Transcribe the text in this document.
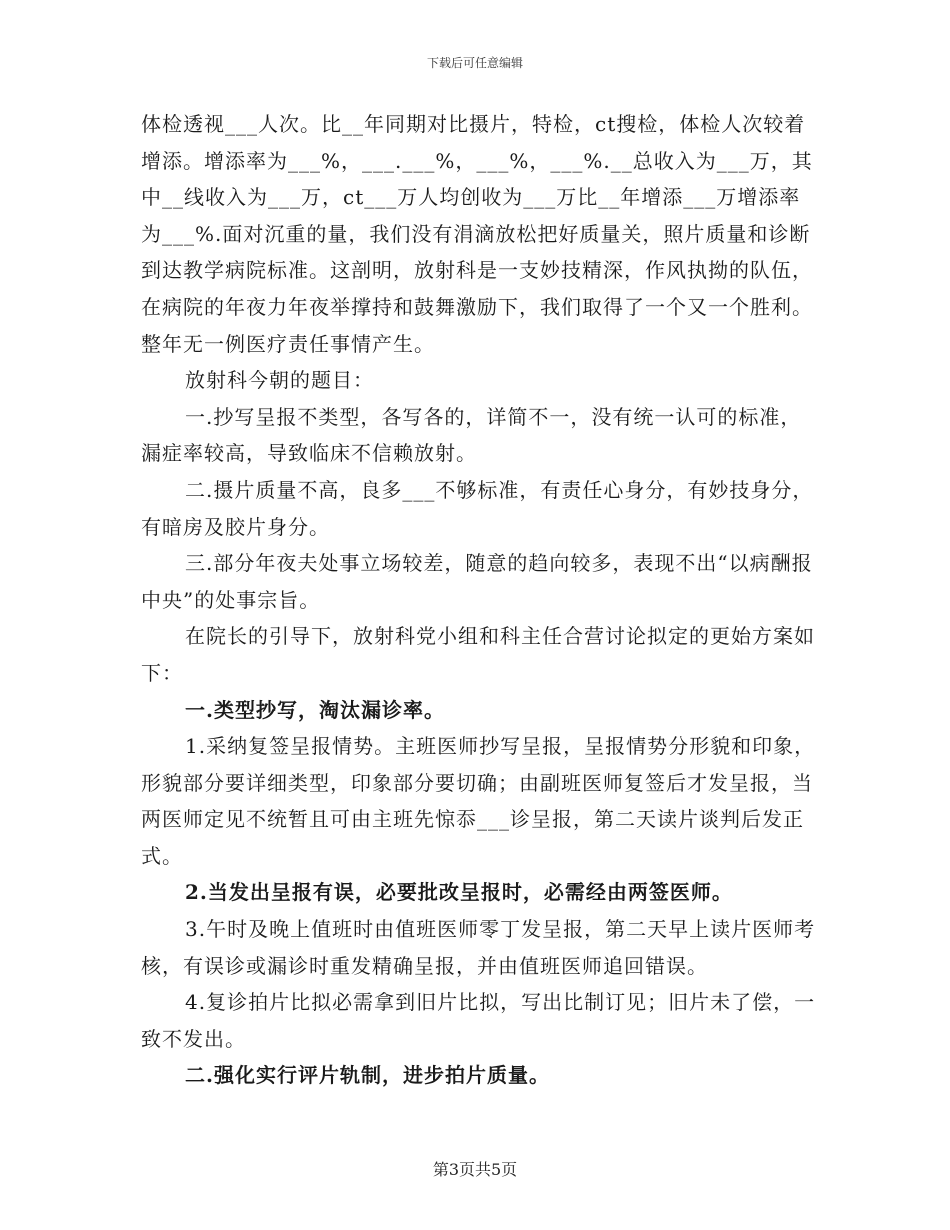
下载后可任意编辑

体检透视___人次。比__年同期对比摄片，特检，ct搜检，体检人次较着增添。增添率为___%，___.___%，___%，___%.__总收入为___万，其中__线收入为___万，ct___万人均创收为___万比__年增添___万增添率为___%.面对沉重的量，我们没有涓滴放松把好质量关，照片质量和诊断到达教学病院标准。这剖明，放射科是一支妙技精深，作风执拗的队伍，在病院的年夜力年夜举撑持和鼓舞激励下，我们取得了一个又一个胜利。整年无一例医疗责任事情产生。

放射科今朝的题目：

一.抄写呈报不类型，各写各的，详简不一，没有统一认可的标准，漏症率较高，导致临床不信赖放射。

二.摄片质量不高，良多___不够标准，有责任心身分，有妙技身分，有暗房及胶片身分。

三.部分年夜夫处事立场较差，随意的趋向较多，表现不出“以病酬报中央”的处事宗旨。

在院长的引导下，放射科党小组和科主任合营讨论拟定的更始方案如下：

一.类型抄写，淘汰漏诊率。

1.采纳复签呈报情势。主班医师抄写呈报，呈报情势分形貌和印象，形貌部分要详细类型，印象部分要切确；由副班医师复签后才发呈报，当两医师定见不统暂且可由主班先惊忝___诊呈报，第二天读片谈判后发正式。

2.当发出呈报有误，必要批改呈报时，必需经由两签医师。

3.午时及晚上值班时由值班医师零丁发呈报，第二天早上读片医师考核，有误诊或漏诊时重发精确呈报，并由值班医师追回错误。

4.复诊拍片比拟必需拿到旧片比拟，写出比制订见；旧片未了偿，一致不发出。

二.强化实行评片轨制，进步拍片质量。

第3页共5页
